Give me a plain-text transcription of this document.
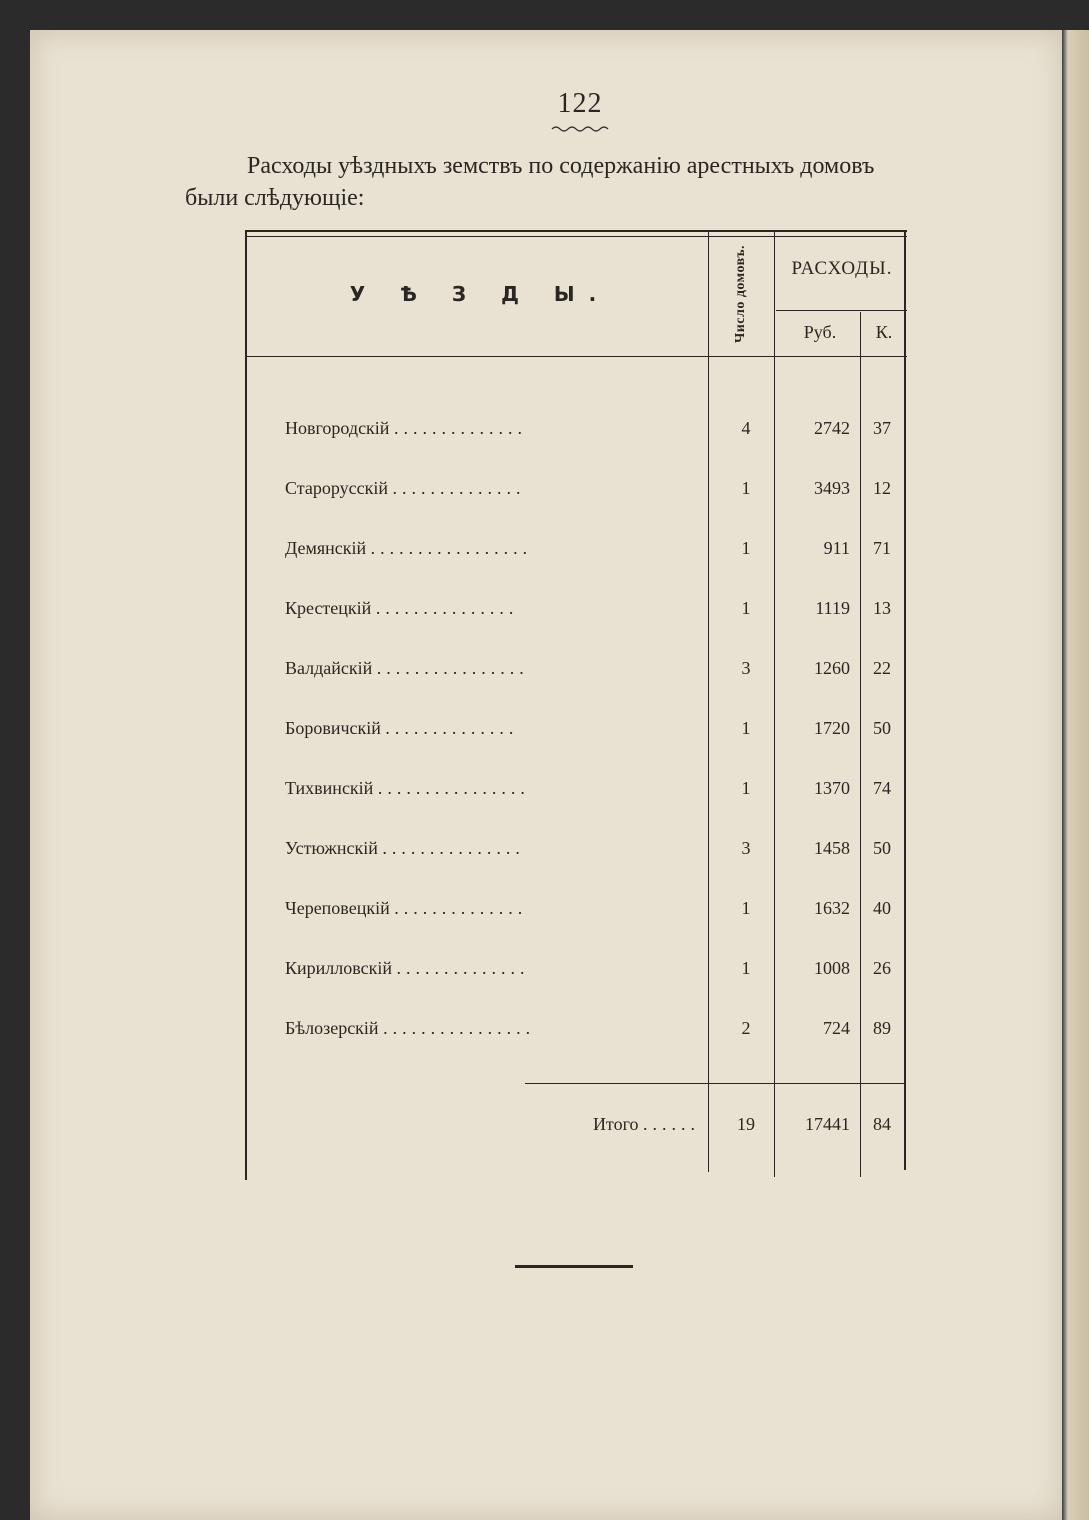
122
Расходы уѣздныхъ земствъ по содержанію арестныхъ домовъ
были слѣдующіе:
У Ѣ З Д Ы.	Число домовъ.	РАСХОДЫ.
Руб.	К.
Новгородскій ..............	4	2742	37
Старорусскій ..............	1	3493	12
Демянскій .................	1	911	71
Крестецкій ...............	1	1119	13
Валдайскій ................	3	1260	22
Боровичскій ..............	1	1720	50
Тихвинскій ................	1	1370	74
Устюжнскій ...............	3	1458	50
Череповецкій ..............	1	1632	40
Кирилловскій ..............	1	1008	26
Бѣлозерскій ................	2	724	89
Итого ......	19	17441	84
